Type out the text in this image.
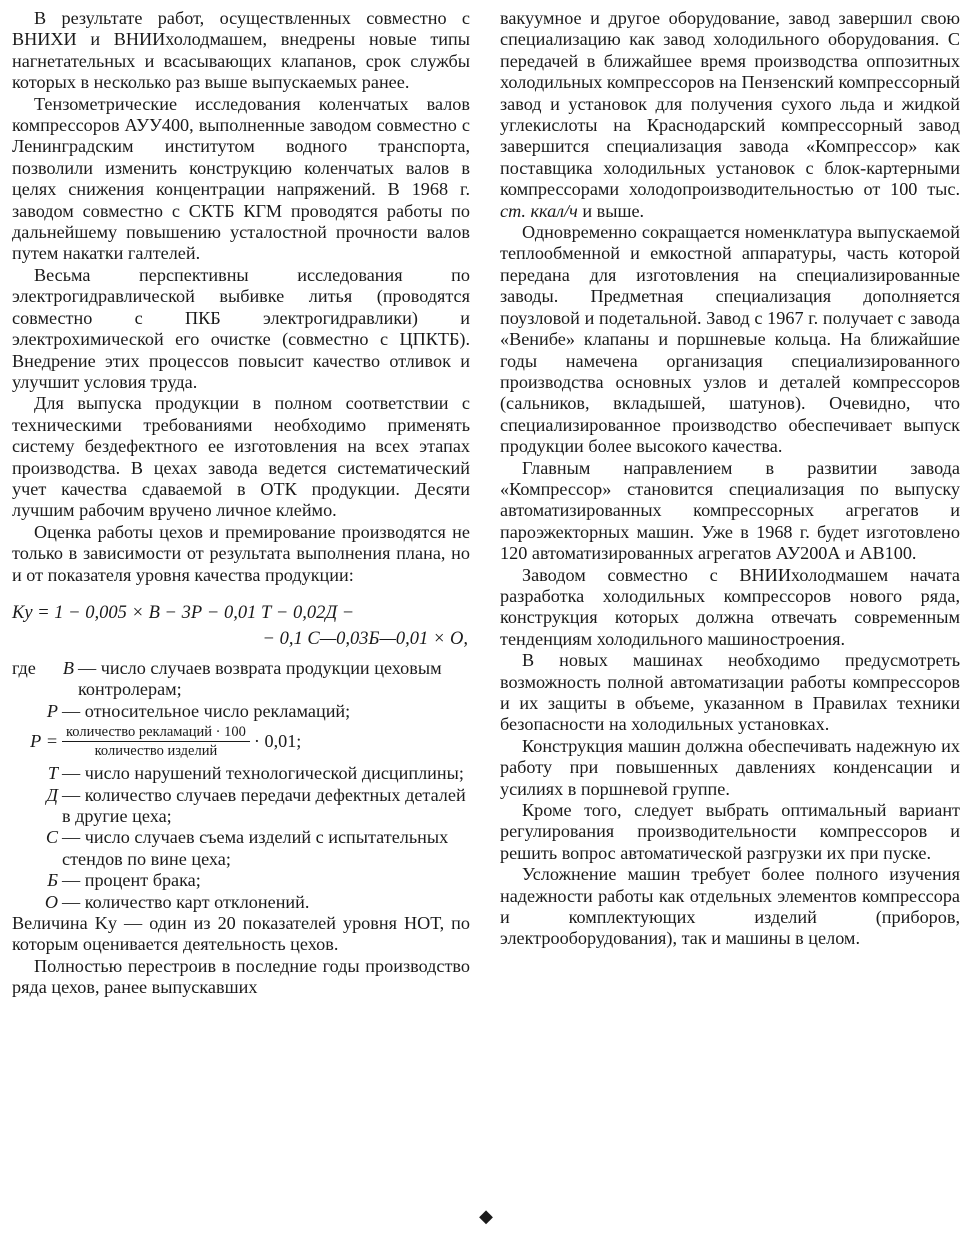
В результате работ, осуществленных совместно с ВНИХИ и ВНИИхолодмашем, внедрены новые типы нагнетательных и всасывающих клапанов, срок службы которых в несколько раз выше выпускаемых ранее.

Тензометрические исследования коленчатых валов компрессоров АУУ400, выполненные заводом совместно с Ленинградским институтом водного транспорта, позволили изменить конструкцию коленчатых валов в целях снижения концентрации напряжений. В 1968 г. заводом совместно с СКТБ КГМ проводятся работы по дальнейшему повышению усталостной прочности валов путем накатки галтелей.

Весьма перспективны исследования по электрогидравлической выбивке литья (проводятся совместно с ПКБ электрогидравлики) и электрохимической его очистке (совместно с ЦПКТБ). Внедрение этих процессов повысит качество отливок и улучшит условия труда.

Для выпуска продукции в полном соответствии с техническими требованиями необходимо применять систему бездефектного ее изготовления на всех этапах производства. В цехах завода ведется систематический учет качества сдаваемой в ОТК продукции. Десяти лучшим рабочим вручено личное клеймо.

Оценка работы цехов и премирование производятся не только в зависимости от результата выполнения плана, но и от показателя уровня качества продукции:

Kу = 1 − 0,005 × В − 3Р − 0,01 Т − 0,02Д −
− 0,1 С—0,03Б—0,01 × О,
где	В — число случаев возврата продукции цеховым контролерам;
Р — относительное число рекламаций;
$Р = \frac{\text{количество рекламаций · 100}}{\text{количество изделий}} \cdot 0,01$;
Т — число нарушений технологической дисциплины;
Д — количество случаев передачи дефектных деталей в другие цеха;
С — число случаев съема изделий с испытательных стендов по вине цеха;
Б — процент брака;
О — количество карт отклонений.

Величина Kу — один из 20 показателей уровня НОТ, по которым оценивается деятельность цехов.

Полностью перестроив в последние годы производство ряда цехов, ранее выпускавших

вакуумное и другое оборудование, завод завершил свою специализацию как завод холодильного оборудования. С передачей в ближайшее время производства оппозитных холодильных компрессоров на Пензенский компрессорный завод и установок для получения сухого льда и жидкой углекислоты на Краснодарский компрессорный завод завершится специализация завода «Компрессор» как поставщика холодильных установок с блок-картерными компрессорами холодопроизводительностью от 100 тыс. ст. ккал/ч и выше.

Одновременно сокращается номенклатура выпускаемой теплообменной и емкостной аппаратуры, часть которой передана для изготовления на специализированные заводы. Предметная специализация дополняется поузловой и подетальной. Завод с 1967 г. получает с завода «Венибе» клапаны и поршневые кольца. На ближайшие годы намечена организация специализированного производства основных узлов и деталей компрессоров (сальников, вкладышей, шатунов). Очевидно, что специализированное производство обеспечивает выпуск продукции более высокого качества.

Главным направлением в развитии завода «Компрессор» становится специализация по выпуску автоматизированных компрессорных агрегатов и пароэжекторных машин. Уже в 1968 г. будет изготовлено 120 автоматизированных агрегатов АУ200А и АВ100.

Заводом совместно с ВНИИхолодмашем начата разработка холодильных компрессоров нового ряда, конструкция которых должна отвечать современным тенденциям холодильного машиностроения.

В новых машинах необходимо предусмотреть возможность полной автоматизации работы компрессоров и их защиты в объеме, указанном в Правилах техники безопасности на холодильных установках.

Конструкция машин должна обеспечивать надежную их работу при повышенных давлениях конденсации и усилиях в поршневой группе.

Кроме того, следует выбрать оптимальный вариант регулирования производительности компрессоров и решить вопрос автоматической разгрузки их при пуске.

Усложнение машин требует более полного изучения надежности работы как отдельных элементов компрессора и комплектующих изделий (приборов, электрооборудования), так и машины в целом.

◆
